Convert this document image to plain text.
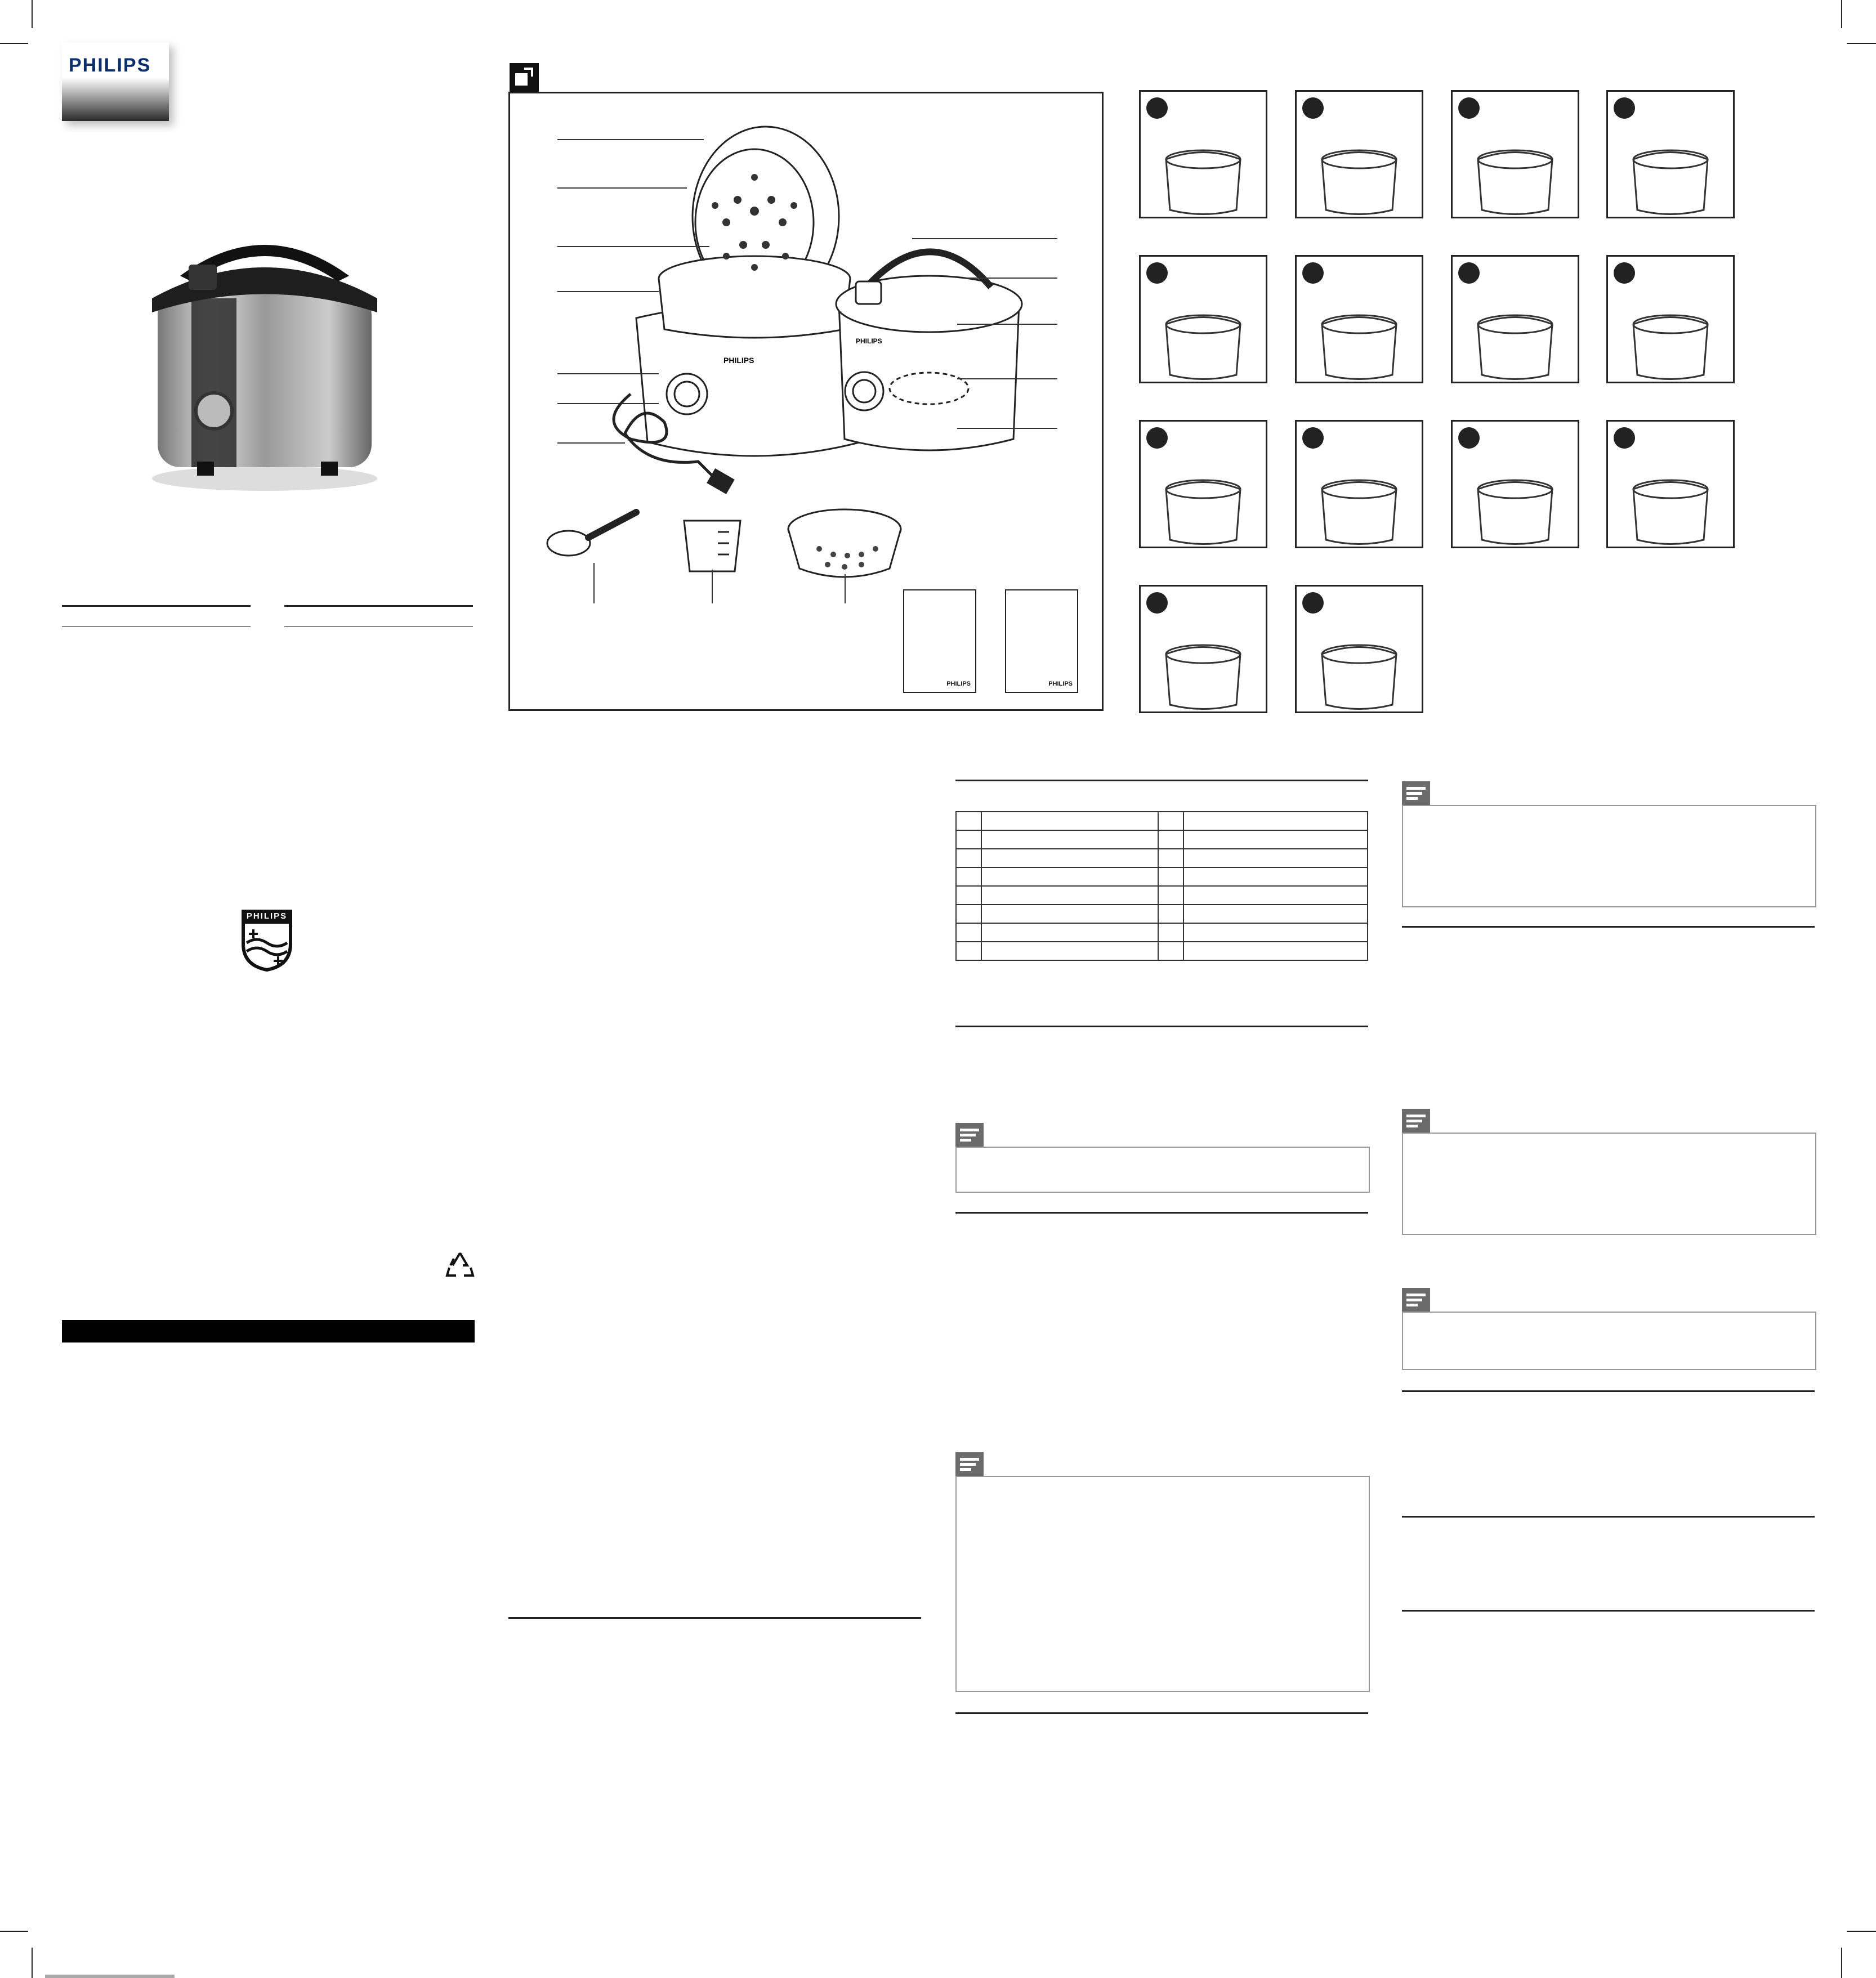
PHILIPS
PHILIPS
PHILIPS
PHILIPS
PHILIPS	PHILIPS
